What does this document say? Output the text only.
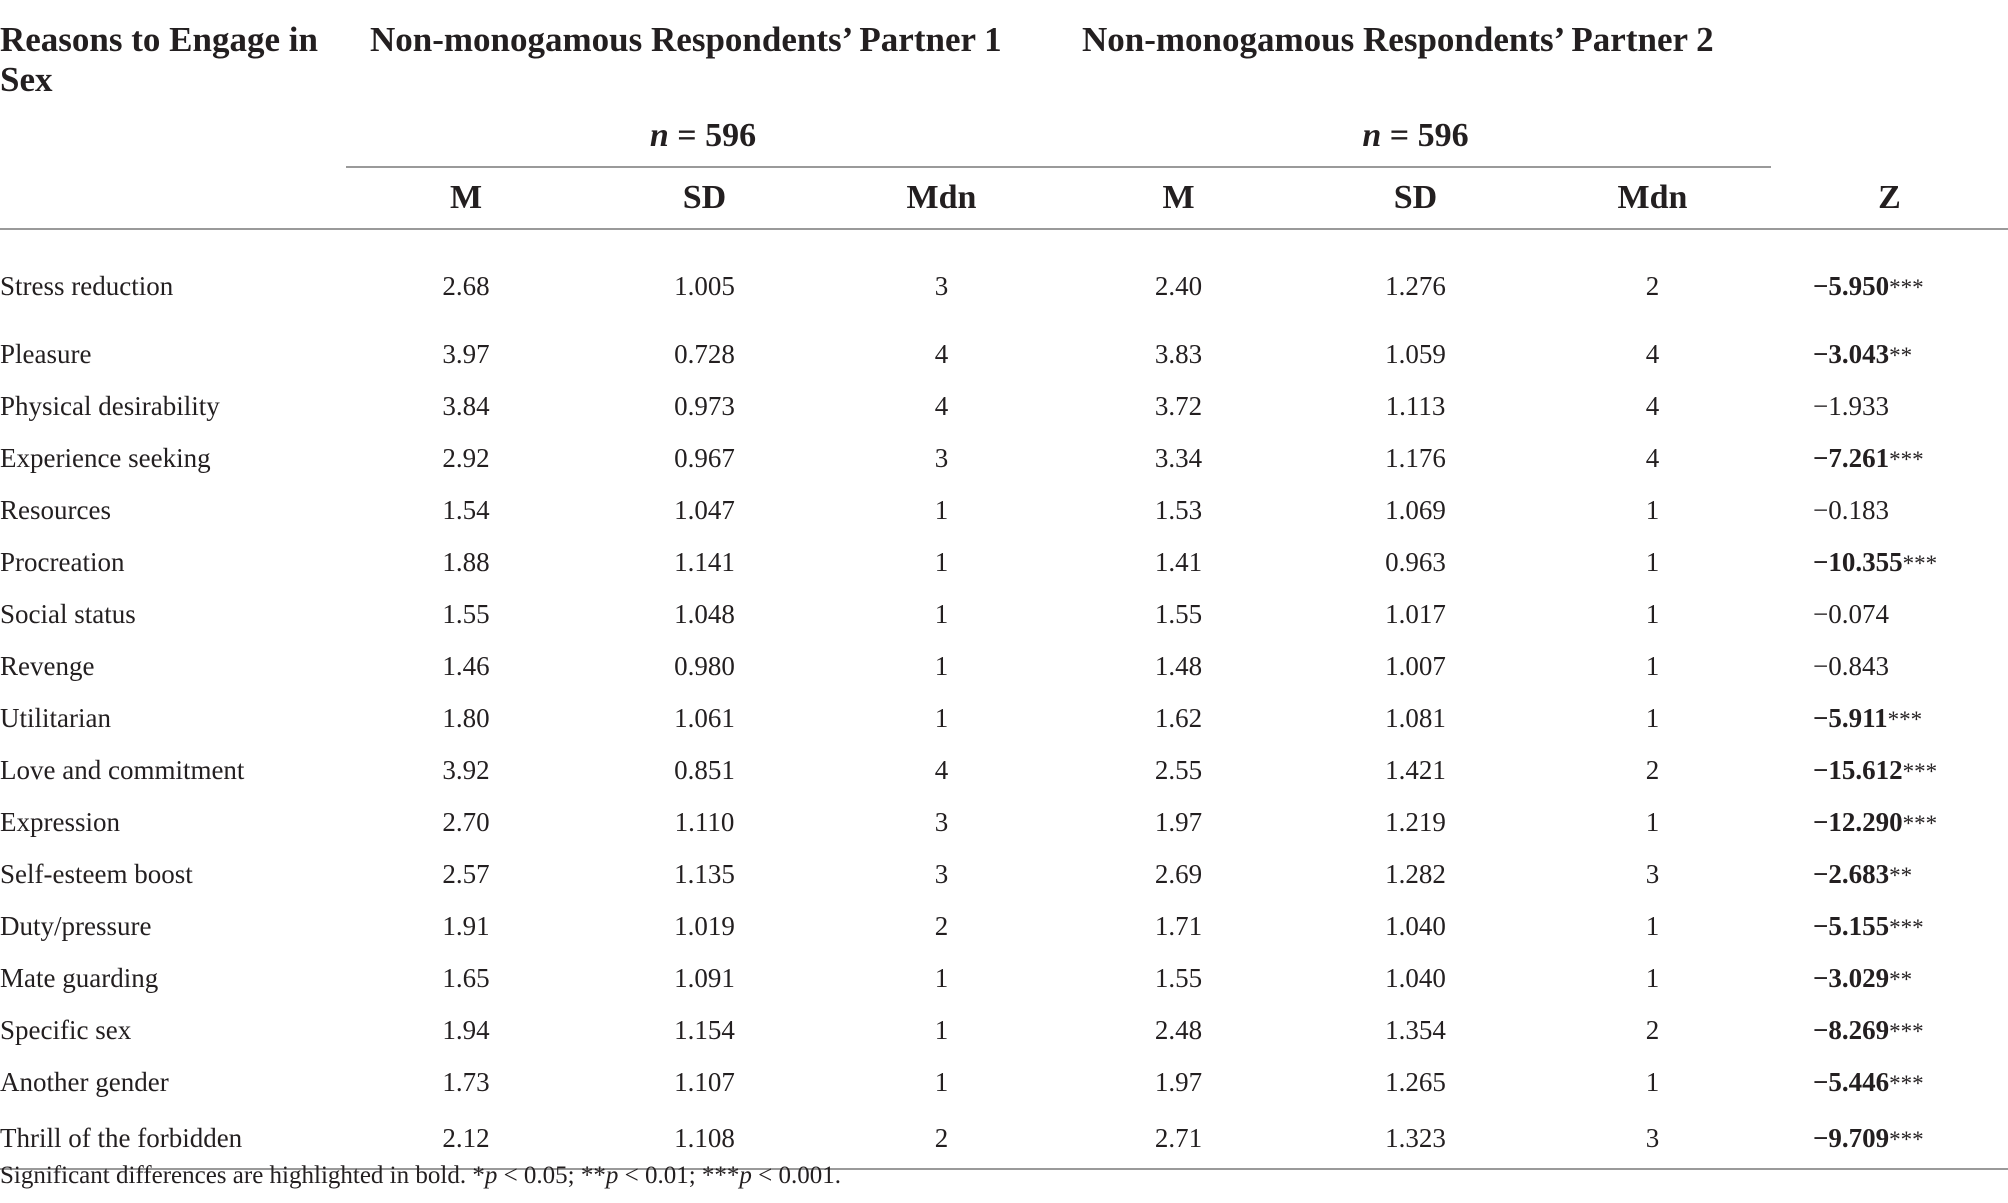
Reasons to Engage in Sex	Non-monogamous Respondents’ Partner 1			Non-monogamous Respondents’ Partner 2			
	n = 596			n = 596			
	M	SD	Mdn	M	SD	Mdn	Z
Stress reduction	2.68	1.005	3	2.40	1.276	2	−5.950***
Pleasure	3.97	0.728	4	3.83	1.059	4	−3.043**
Physical desirability	3.84	0.973	4	3.72	1.113	4	−1.933
Experience seeking	2.92	0.967	3	3.34	1.176	4	−7.261***
Resources	1.54	1.047	1	1.53	1.069	1	−0.183
Procreation	1.88	1.141	1	1.41	0.963	1	−10.355***
Social status	1.55	1.048	1	1.55	1.017	1	−0.074
Revenge	1.46	0.980	1	1.48	1.007	1	−0.843
Utilitarian	1.80	1.061	1	1.62	1.081	1	−5.911***
Love and commitment	3.92	0.851	4	2.55	1.421	2	−15.612***
Expression	2.70	1.110	3	1.97	1.219	1	−12.290***
Self-esteem boost	2.57	1.135	3	2.69	1.282	3	−2.683**
Duty/pressure	1.91	1.019	2	1.71	1.040	1	−5.155***
Mate guarding	1.65	1.091	1	1.55	1.040	1	−3.029**
Specific sex	1.94	1.154	1	2.48	1.354	2	−8.269***
Another gender	1.73	1.107	1	1.97	1.265	1	−5.446***
Thrill of the forbidden	2.12	1.108	2	2.71	1.323	3	−9.709***
Significant differences are highlighted in bold. *p < 0.05; **p < 0.01; ***p < 0.001.
